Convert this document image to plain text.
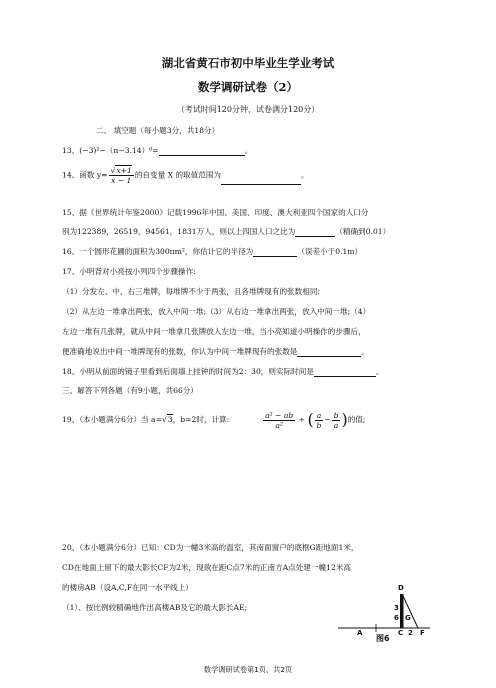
湖北省黄石市初中毕业生学业考试
数学调研试卷（2）
（考试时间120分钟，试卷满分120分）
二、 填空题（每小题3分，共18分）
13、(−3)²−（π−3.14）⁰=	。
14、函数 $y= \frac{√x+1}{x - 1}$ 的自变量 X 的取值范围为	。
15、据《世界统计年鉴2000》记载1996年中国、美国、印度、澳大利亚四个国家的人口分
别为122389，26519，94561，1831万人，则以上四国人口之比为	（精确到0.01）
16、一个圆形花圃的面积为300πm²，你估计它的半径为	（误差小于0.1m）
17、小明背对小亮按小列四个步骤操作:
（1）分发左、中、右三堆牌，每堆牌不少于两张，且各堆牌现有的张数相同;
（2）从左边一堆拿出两张，放入中间一堆;（3）从右边一堆拿出两张，放入中间一堆;（4）
左边一堆有几张牌，就从中间一堆拿几张牌放入左边一堆，当小亮知道小明操作的步骤后，
便准确地说出中间一堆牌现有的张数，你认为中间一堆牌现有的张数是	。
18、小明从前面的镜子里看到后面墙上挂钟的时间为2：30，则实际时间是	。
三、解答下列各题（有9小题，共66分）
19、（本小题满分6分）当 a=√3，b=2时，计算:	$\frac{\text{a² − ab}}{\text{a²}}$ ÷ ( $\frac{a}{b} - \frac{b}{a}$ )的值;
20、（本小题满分6分）已知：CD为一幢3米高的温室，其南面窗户的底框G距地面1米，
CD在地面上留下的最大影长CF为2米，现欲在距C点7米的正南方A点处建一幢12米高
的楼房AB（设A,C,F在同一水平线上）
（1）、按比例较精确地作出高楼AB及它的最大影长AE;
D
3
6 G
A
图6
C 2 F
数学调研试卷第1页，共2页
